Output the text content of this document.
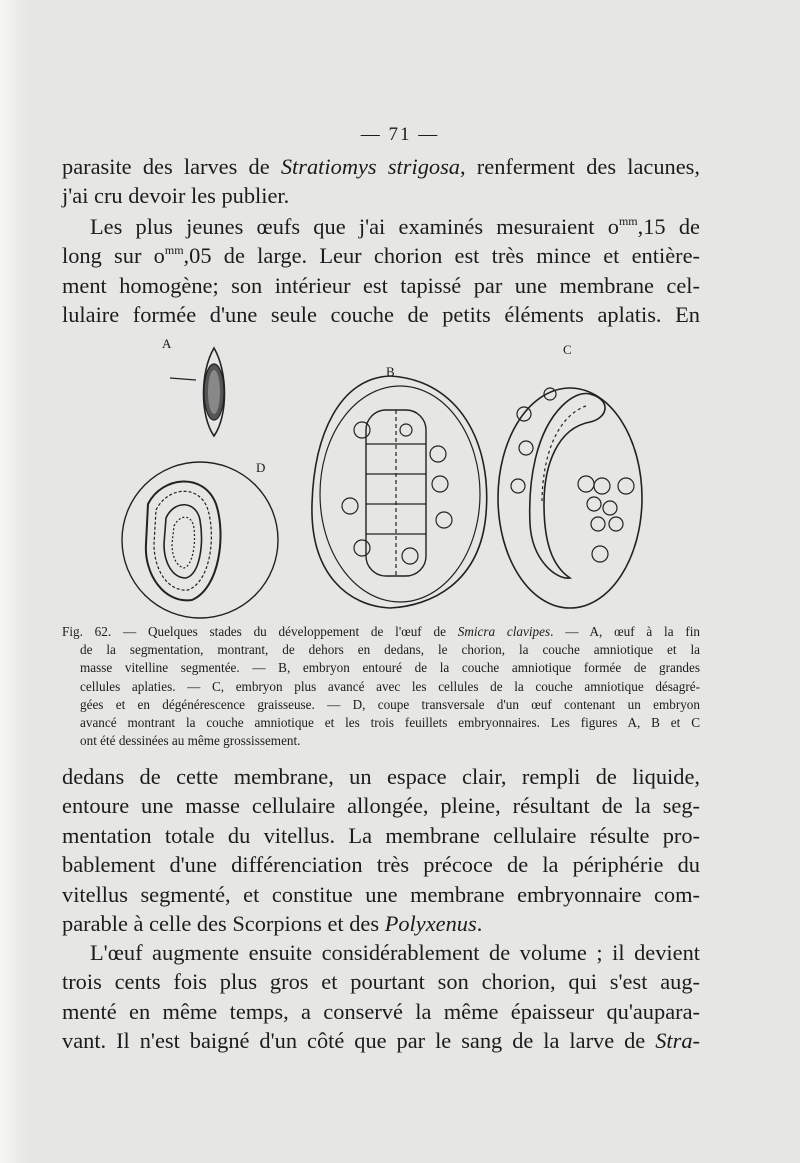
— 71 —

parasite des larves de Stratiomys strigosa, renferment des lacunes,
j'ai cru devoir les publier.

Les plus jeunes œufs que j'ai examinés mesuraient $o^{mm},15$ de
long sur $o^{mm},05$ de large. Leur chorion est très mince et entière-
ment homogène; son intérieur est tapissé par une membrane cel-
lulaire formée d'une seule couche de petits éléments aplatis. En

A
B
C
D

Fig. 62. — Quelques stades du développement de l'œuf de Smicra clavipes. — A, œuf à la fin
de la segmentation, montrant, de dehors en dedans, le chorion, la couche amniotique et la
masse vitelline segmentée. — B, embryon entouré de la couche amniotique formée de grandes
cellules aplaties. — C, embryon plus avancé avec les cellules de la couche amniotique désagré-
gées et en dégénérescence graisseuse. — D, coupe transversale d'un œuf contenant un embryon
avancé montrant la couche amniotique et les trois feuillets embryonnaires. Les figures A, B et C
ont été dessinées au même grossissement.

dedans de cette membrane, un espace clair, rempli de liquide,
entoure une masse cellulaire allongée, pleine, résultant de la seg-
mentation totale du vitellus. La membrane cellulaire résulte pro-
bablement d'une différenciation très précoce de la périphérie du
vitellus segmenté, et constitue une membrane embryonnaire com-
parable à celle des Scorpions et des Polyxenus.

L'œuf augmente ensuite considérablement de volume ; il devient
trois cents fois plus gros et pourtant son chorion, qui s'est aug-
menté en même temps, a conservé la même épaisseur qu'aupara-
vant. Il n'est baigné d'un côté que par le sang de la larve de Stra-
